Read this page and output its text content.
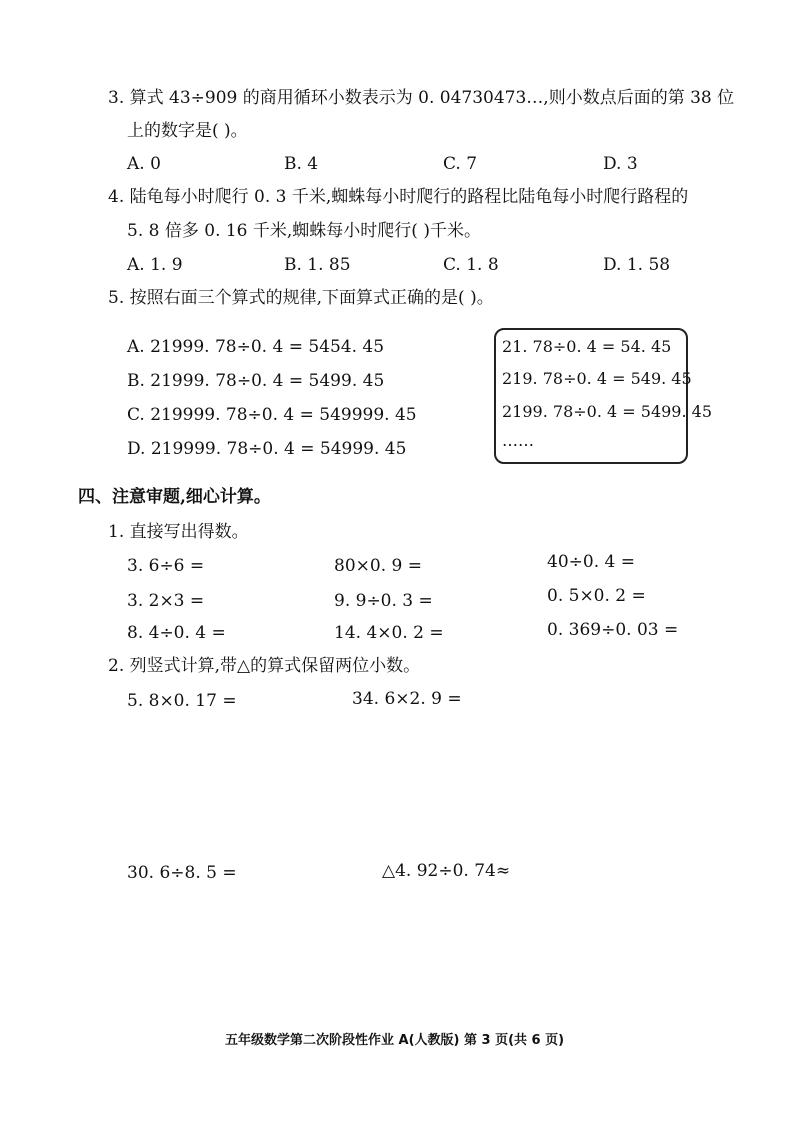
3. 算式 43÷909 的商用循环小数表示为 0. 04730473…,则小数点后面的第 38 位
上的数字是( )。
A. 0	B. 4	C. 7	D. 3
4. 陆龟每小时爬行 0. 3 千米,蜘蛛每小时爬行的路程比陆龟每小时爬行路程的
5. 8 倍多 0. 16 千米,蜘蛛每小时爬行( )千米。
A. 1. 9	B. 1. 85	C. 1. 8	D. 1. 58
5. 按照右面三个算式的规律,下面算式正确的是( )。
A. 21999. 78÷0. 4 = 5454. 45
B. 21999. 78÷0. 4 = 5499. 45
C. 219999. 78÷0. 4 = 549999. 45
D. 219999. 78÷0. 4 = 54999. 45
21. 78÷0. 4 = 54. 45
219. 78÷0. 4 = 549. 45
2199. 78÷0. 4 = 5499. 45
……
四、注意审题,细心计算。
1. 直接写出得数。
3. 6÷6 =	80×0. 9 =	40÷0. 4 =
3. 2×3 =	9. 9÷0. 3 =	0. 5×0. 2 =
8. 4÷0. 4 =	14. 4×0. 2 =	0. 369÷0. 03 =
2. 列竖式计算,带△的算式保留两位小数。
5. 8×0. 17 =	34. 6×2. 9 =
30. 6÷8. 5 =	△4. 92÷0. 74≈
五年级数学第二次阶段性作业 A(人教版) 第 3 页(共 6 页)
